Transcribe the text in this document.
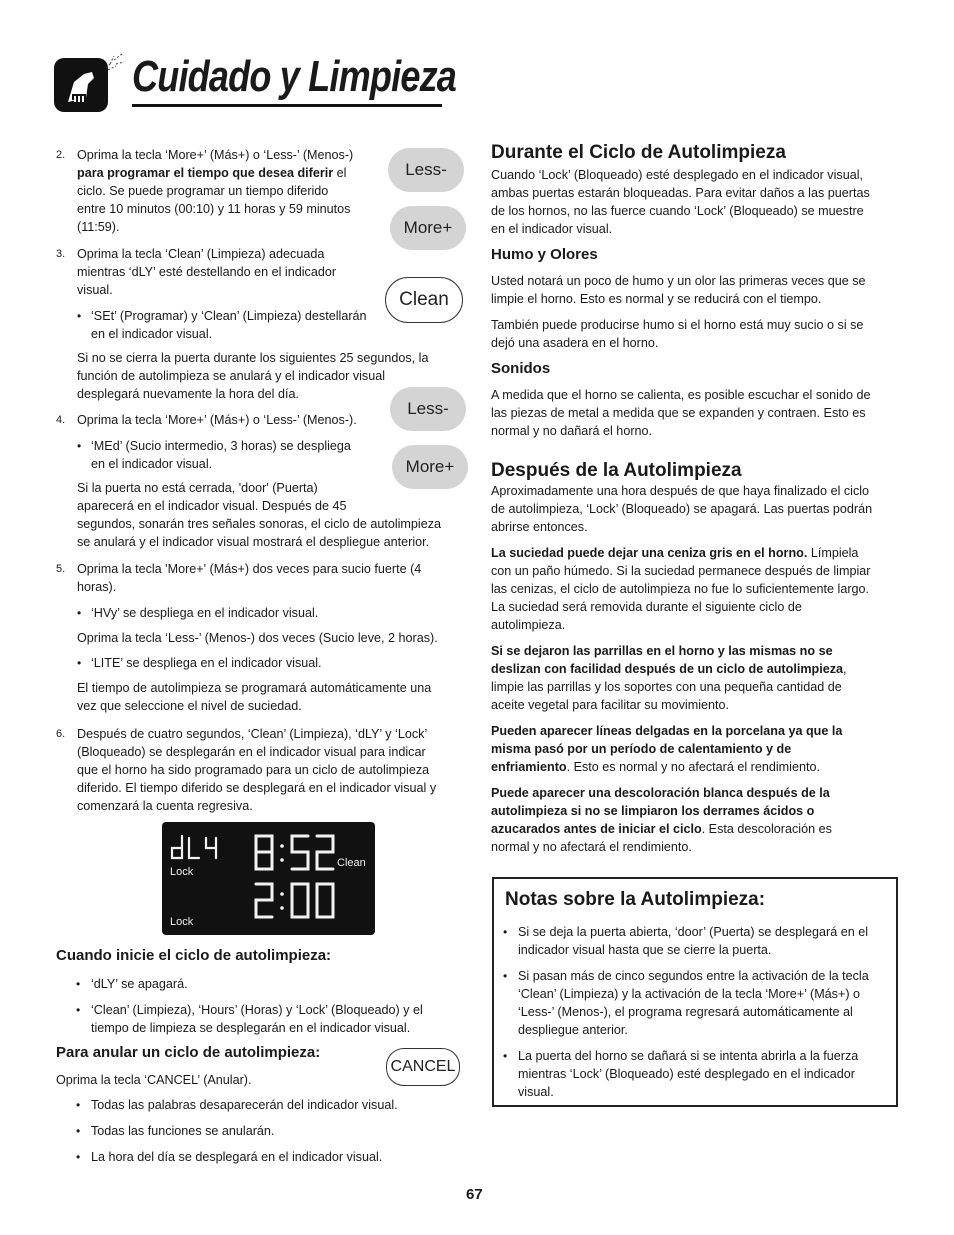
Cuidado y Limpieza
2. Oprima la tecla ‘More+’ (Más+) o ‘Less-’ (Menos-)

para programar el tiempo que desea diferir el

ciclo. Se puede programar un tiempo diferido

entre 10 minutos (00:10) y 11 horas y 59 minutos

(11:59).

3. Oprima la tecla ‘Clean’ (Limpieza) adecuada

mientras ‘dLY’ esté destellando en el indicador

visual.

• ‘SEt’ (Programar) y ‘Clean’ (Limpieza) destellarán

en el indicador visual.

Si no se cierra la puerta durante los siguientes 25 segundos, la

función de autolimpieza se anulará y el indicador visual

desplegará nuevamente la hora del día.

4. Oprima la tecla ‘More+’ (Más+) o ‘Less-’ (Menos-).

• ‘MEd’ (Sucio intermedio, 3 horas) se despliega

en el indicador visual.

Si la puerta no está cerrada, 'door' (Puerta)

aparecerá en el indicador visual. Después de 45

segundos, sonarán tres señales sonoras, el ciclo de autolimpieza

se anulará y el indicador visual mostrará el despliegue anterior.

5. Oprima la tecla 'More+' (Más+) dos veces para sucio fuerte (4

horas).

• ‘HVy’ se despliega en el indicador visual.

Oprima la tecla ‘Less-’ (Menos-) dos veces (Sucio leve, 2 horas).

• ‘LITE’ se despliega en el indicador visual.

El tiempo de autolimpieza se programará automáticamente una

vez que seleccione el nivel de suciedad.

6. Después de cuatro segundos, ‘Clean’ (Limpieza), ‘dLY’ y ‘Lock’

(Bloqueado) se desplegarán en el indicador visual para indicar

que el horno ha sido programado para un ciclo de autolimpieza

diferido. El tiempo diferido se desplegará en el indicador visual y

comenzará la cuenta regresiva.

Lock
Lock
Clean
Cuando inicie el ciclo de autolimpieza:
• ‘dLY’ se apagará.

• ‘Clean’ (Limpieza), ‘Hours’ (Horas) y ‘Lock’ (Bloqueado) y el

tiempo de limpieza se desplegarán en el indicador visual.

Para anular un ciclo de autolimpieza:
Oprima la tecla ‘CANCEL’ (Anular).
• Todas las palabras desaparecerán del indicador visual.

• Todas las funciones se anularán.

• La hora del día se desplegará en el indicador visual.

Less-
More+
Clean
Less-
More+
CANCEL
Durante el Ciclo de Autolimpieza

Cuando ‘Lock’ (Bloqueado) esté desplegado en el indicador visual,

ambas puertas estarán bloqueadas. Para evitar daños a las puertas

de los hornos, no las fuerce cuando ‘Lock’ (Bloqueado) se muestre

en el indicador visual.

Humo y Olores

Usted notará un poco de humo y un olor las primeras veces que se

limpie el horno. Esto es normal y se reducirá con el tiempo.

También puede producirse humo si el horno está muy sucio o si se

dejó una asadera en el horno.

Sonidos

A medida que el horno se calienta, es posible escuchar el sonido de

las piezas de metal a medida que se expanden y contraen. Esto es

normal y no dañará el horno.

Después de la Autolimpieza

Aproximadamente una hora después de que haya finalizado el ciclo

de autolimpieza, ‘Lock’ (Bloqueado) se apagará. Las puertas podrán

abrirse entonces.

La suciedad puede dejar una ceniza gris en el horno. Límpiela

con un paño húmedo. Si la suciedad permanece después de limpiar

las cenizas, el ciclo de autolimpieza no fue lo suficientemente largo.

La suciedad será removida durante el siguiente ciclo de

autolimpieza.

Si se dejaron las parrillas en el horno y las mismas no se

deslizan con facilidad después de un ciclo de autolimpieza,

limpie las parrillas y los soportes con una pequeña cantidad de

aceite vegetal para facilitar su movimiento.

Pueden aparecer líneas delgadas en la porcelana ya que la

misma pasó por un período de calentamiento y de

enfriamiento. Esto es normal y no afectará el rendimiento.

Puede aparecer una descoloración blanca después de la

autolimpieza si no se limpiaron los derrames ácidos o

azucarados antes de iniciar el ciclo. Esta descoloración es

normal y no afectará el rendimiento.

Notas sobre la Autolimpieza:
• Si se deja la puerta abierta, ‘door’ (Puerta) se desplegará en el

indicador visual hasta que se cierre la puerta.

• Si pasan más de cinco segundos entre la activación de la tecla

‘Clean’ (Limpieza) y la activación de la tecla ‘More+’ (Más+) o

‘Less-’ (Menos-), el programa regresará automáticamente al

despliegue anterior.

• La puerta del horno se dañará si se intenta abrirla a la fuerza

mientras ‘Lock’ (Bloqueado) esté desplegado en el indicador

visual.

67
